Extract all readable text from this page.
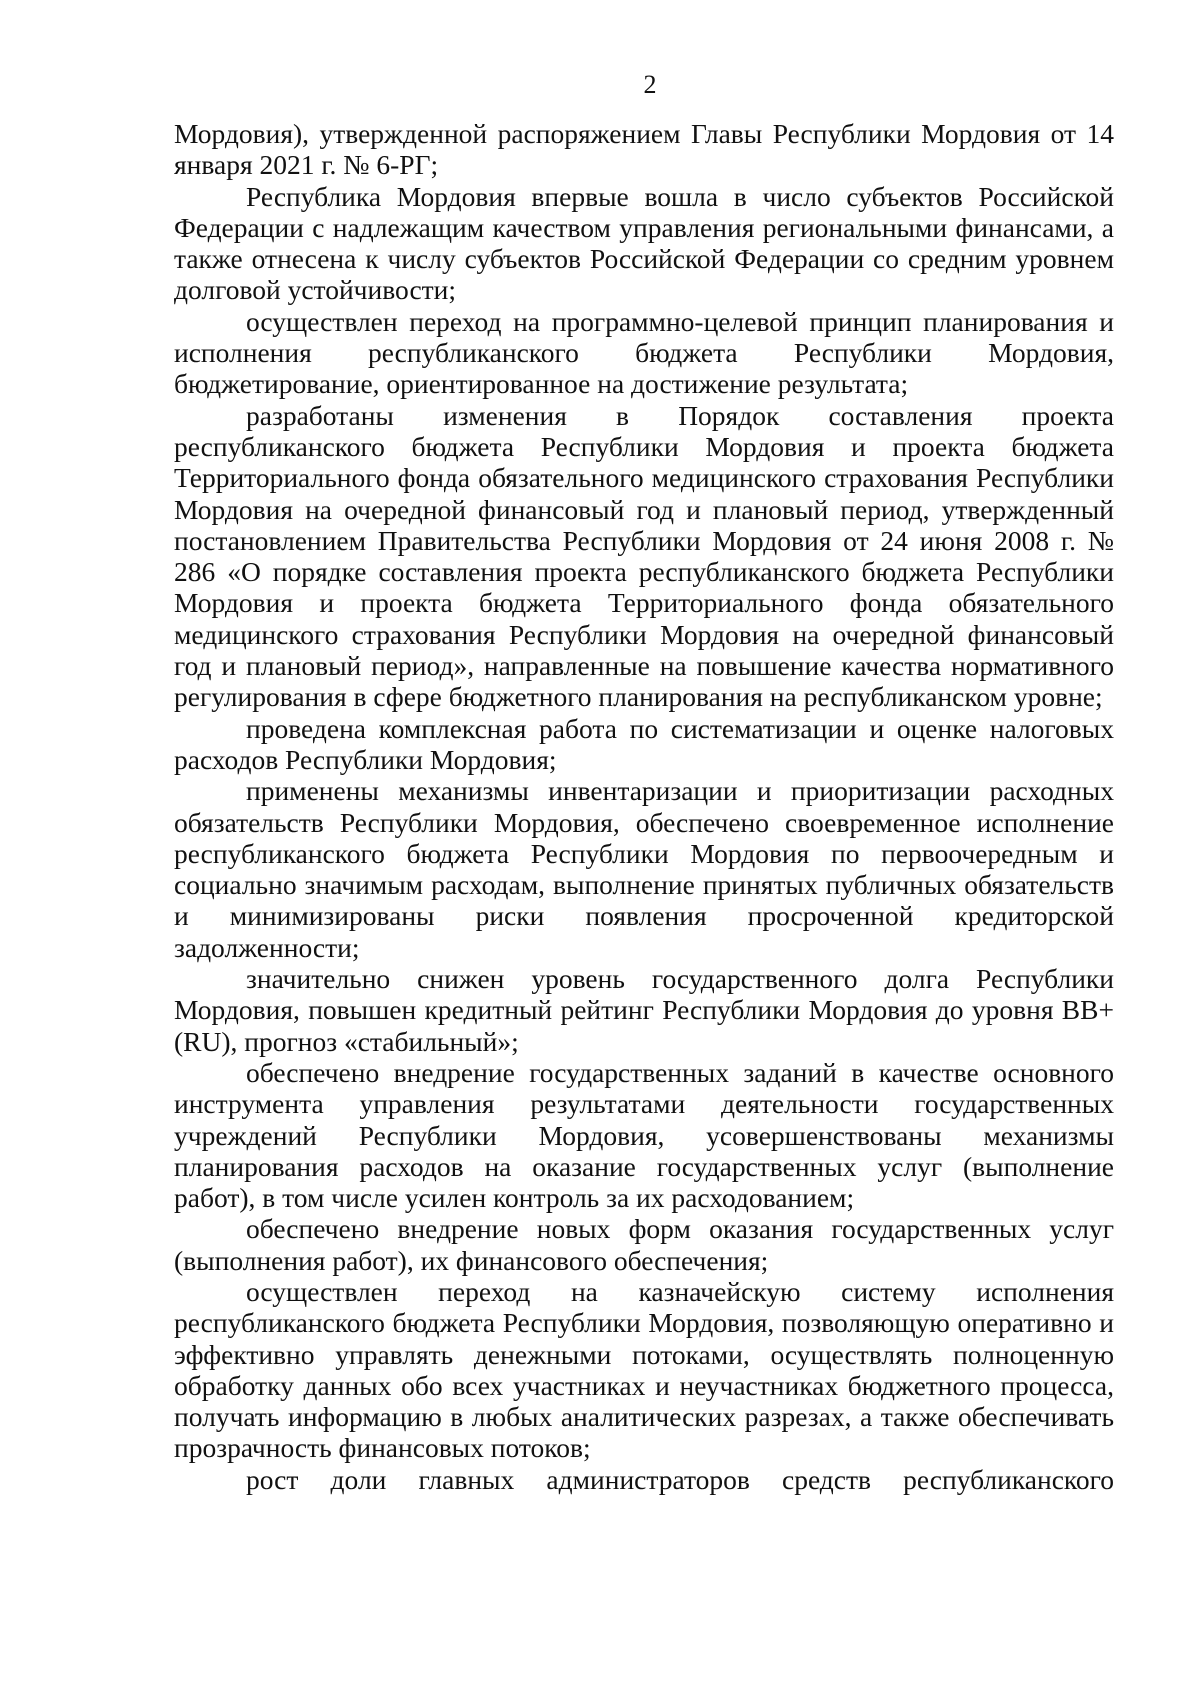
2

Мордовия), утвержденной распоряжением Главы Республики Мордовия от 14 января 2021 г. № 6-РГ;

Республика Мордовия впервые вошла в число субъектов Российской Федерации с надлежащим качеством управления региональными финансами, а также отнесена к числу субъектов Российской Федерации со средним уровнем долговой устойчивости;

осуществлен переход на программно-целевой принцип планирования и исполнения республиканского бюджета Республики Мордовия, бюджетирование, ориентированное на достижение результата;

разработаны изменения в Порядок составления проекта республиканского бюджета Республики Мордовия и проекта бюджета Территориального фонда обязательного медицинского страхования Республики Мордовия на очередной финансовый год и плановый период, утвержденный постановлением Правительства Республики Мордовия от 24 июня 2008 г. № 286 «О порядке составления проекта республиканского бюджета Республики Мордовия и проекта бюджета Территориального фонда обязательного медицинского страхования Республики Мордовия на очередной финансовый год и плановый период», направленные на повышение качества нормативного регулирования в сфере бюджетного планирования на республиканском уровне;

проведена комплексная работа по систематизации и оценке налоговых расходов Республики Мордовия;

применены механизмы инвентаризации и приоритизации расходных обязательств Республики Мордовия, обеспечено своевременное исполнение республиканского бюджета Республики Мордовия по первоочередным и социально значимым расходам, выполнение принятых публичных обязательств и минимизированы риски появления просроченной кредиторской задолженности;

значительно снижен уровень государственного долга Республики Мордовия, повышен кредитный рейтинг Республики Мордовия до уровня BB+ (RU), прогноз «стабильный»;

обеспечено внедрение государственных заданий в качестве основного инструмента управления результатами деятельности государственных учреждений Республики Мордовия, усовершенствованы механизмы планирования расходов на оказание государственных услуг (выполнение работ), в том числе усилен контроль за их расходованием;

обеспечено внедрение новых форм оказания государственных услуг (выполнения работ), их финансового обеспечения;

осуществлен переход на казначейскую систему исполнения республиканского бюджета Республики Мордовия, позволяющую оперативно и эффективно управлять денежными потоками, осуществлять полноценную обработку данных обо всех участниках и неучастниках бюджетного процесса, получать информацию в любых аналитических разрезах, а также обеспечивать прозрачность финансовых потоков;

рост доли главных администраторов средств республиканского
